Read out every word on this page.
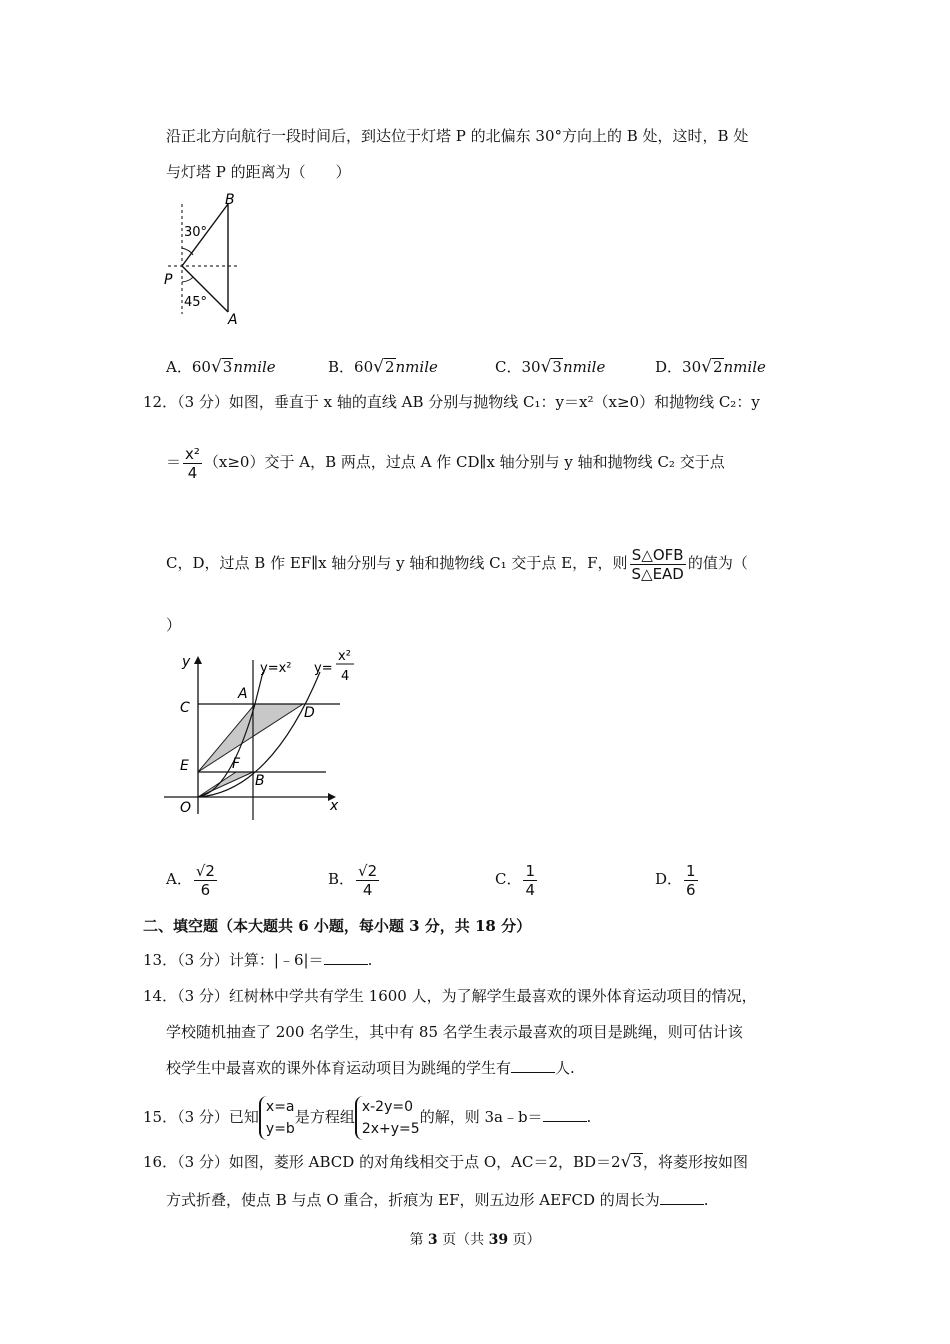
沿正北方向航行一段时间后，到达位于灯塔 P 的北偏东 30°方向上的 B 处，这时，B 处
与灯塔 P 的距离为（　　）
B
P
A
30°
45°
A．60√3nmile	B．60√2nmile	C．30√3nmile	D．30√2nmile
12．（3 分）如图，垂直于 x 轴的直线 AB 分别与抛物线 C₁：y＝x²（x≥0）和抛物线 C₂：y
＝ $\frac{\text{x²}}{4} (x\ge 0)$交于 A，B 两点，过点 A 作 CD∥x 轴分别与 y 轴和抛物线 C₂ 交于点
C，D，过点 B 作 EF∥x 轴分别与 y 轴和抛物线 C₁ 交于点 E，F，则 $\frac{\text{S△OFB}}{\text{S△EAD}}$ 的值为（
）
y
x
C
A
D
E	F
B
O
y=x² y=
x²
4
A． $\frac{√2}{6}$	B． $\frac{√2}{4}$	C． $\frac{1}{4}$	D． $\frac{1}{6}$
二、填空题（本大题共 6 小题，每小题 3 分，共 18 分）
13．（3 分）计算：|﹣6|＝	.
14．（3 分）红树林中学共有学生 1600 人，为了解学生最喜欢的课外体育运动项目的情况，
学校随机抽查了 200 名学生，其中有 85 名学生表示最喜欢的项目是跳绳，则可估计该
校学生中最喜欢的课外体育运动项目为跳绳的学生有	人.
15．（3 分）已知
x=a
y=b
是方程组
x-2y=0
2x+y=5
的解，则 3a﹣b＝	.
16．（3 分）如图，菱形 ABCD 的对角线相交于点 O，AC＝2，BD＝2√3，将菱形按如图
方式折叠，使点 B 与点 O 重合，折痕为 EF，则五边形 AEFCD 的周长为	.
第 3 页（共 39 页）
